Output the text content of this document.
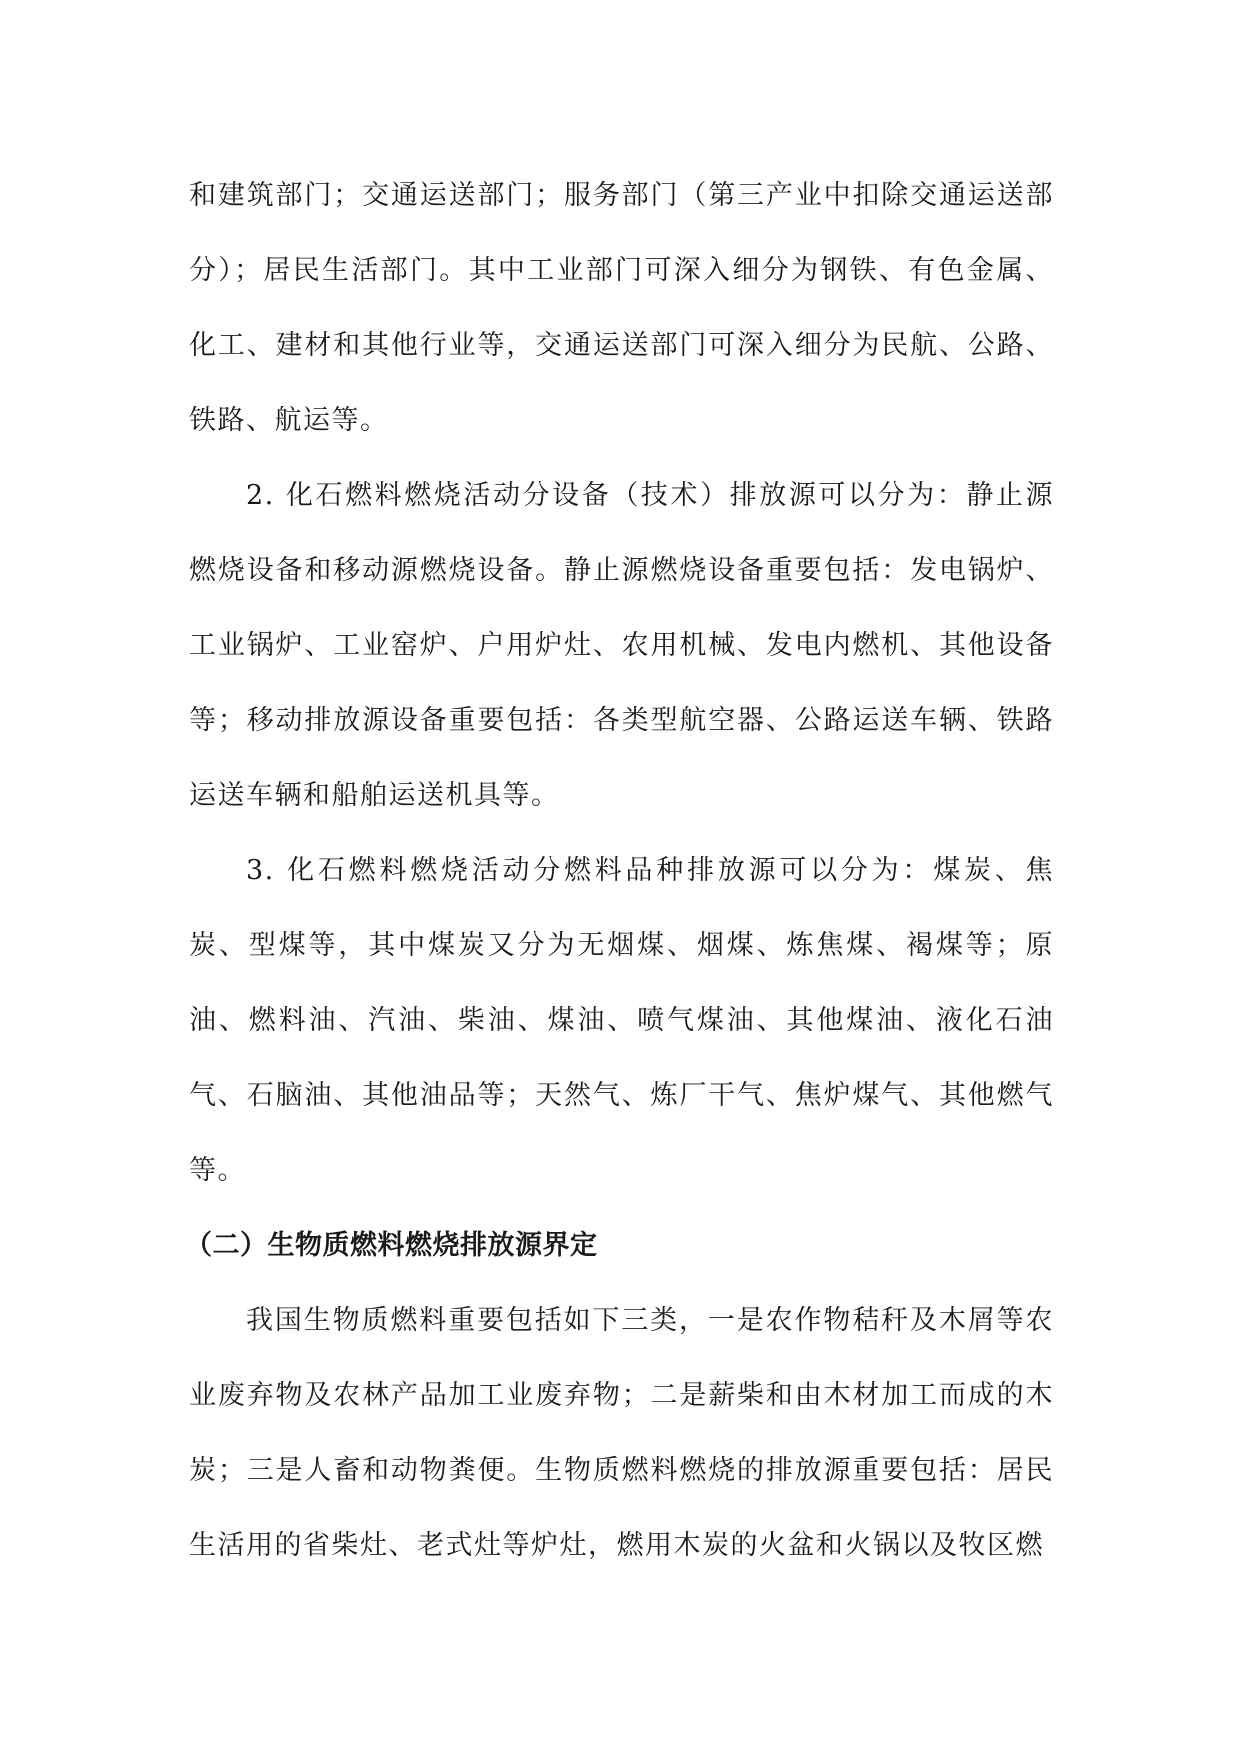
和建筑部门；交通运送部门；服务部门（第三产业中扣除交通运送部分）；居民生活部门。其中工业部门可深入细分为钢铁、有色金属、化工、建材和其他行业等，交通运送部门可深入细分为民航、公路、铁路、航运等。

2. 化石燃料燃烧活动分设备（技术）排放源可以分为：静止源燃烧设备和移动源燃烧设备。静止源燃烧设备重要包括：发电锅炉、工业锅炉、工业窑炉、户用炉灶、农用机械、发电内燃机、其他设备等；移动排放源设备重要包括：各类型航空器、公路运送车辆、铁路运送车辆和船舶运送机具等。

3. 化石燃料燃烧活动分燃料品种排放源可以分为：煤炭、焦炭、型煤等，其中煤炭又分为无烟煤、烟煤、炼焦煤、褐煤等；原油、燃料油、汽油、柴油、煤油、喷气煤油、其他煤油、液化石油气、石脑油、其他油品等；天然气、炼厂干气、焦炉煤气、其他燃气等。

（二）生物质燃料燃烧排放源界定

我国生物质燃料重要包括如下三类，一是农作物秸秆及木屑等农业废弃物及农林产品加工业废弃物；二是薪柴和由木材加工而成的木炭；三是人畜和动物粪便。生物质燃料燃烧的排放源重要包括：居民生活用的省柴灶、老式灶等炉灶，燃用木炭的火盆和火锅以及牧区燃
